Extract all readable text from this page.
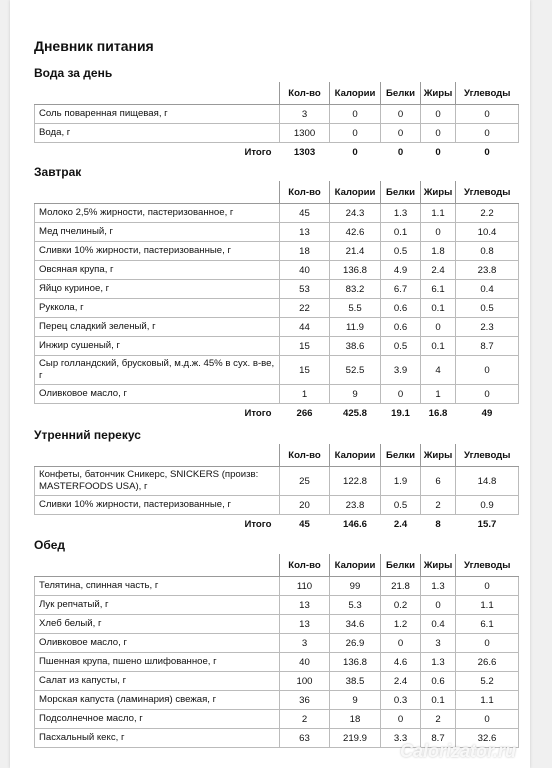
Дневник питания
Вода за день
	Кол-во	Калории	Белки	Жиры	Углеводы
Соль поваренная пищевая, г	3	0	0	0	0
Вода, г	1300	0	0	0	0
Итого	1303	0	0	0	0
Завтрак
	Кол-во	Калории	Белки	Жиры	Углеводы
Молоко 2,5% жирности, пастеризованное, г	45	24.3	1.3	1.1	2.2
Мед пчелиный, г	13	42.6	0.1	0	10.4
Сливки 10% жирности, пастеризованные, г	18	21.4	0.5	1.8	0.8
Овсяная крупа, г	40	136.8	4.9	2.4	23.8
Яйцо куриное, г	53	83.2	6.7	6.1	0.4
Руккола, г	22	5.5	0.6	0.1	0.5
Перец сладкий зеленый, г	44	11.9	0.6	0	2.3
Инжир сушеный, г	15	38.6	0.5	0.1	8.7
Сыр голландский, брусковый, м.д.ж. 45% в сух. в-ве, г	15	52.5	3.9	4	0
Оливковое масло, г	1	9	0	1	0
Итого	266	425.8	19.1	16.8	49
Утренний перекус
	Кол-во	Калории	Белки	Жиры	Углеводы
Конфеты, батончик Сникерс, SNICKERS (произв: MASTERFOODS USA), г	25	122.8	1.9	6	14.8
Сливки 10% жирности, пастеризованные, г	20	23.8	0.5	2	0.9
Итого	45	146.6	2.4	8	15.7
Обед
	Кол-во	Калории	Белки	Жиры	Углеводы
Телятина, спинная часть, г	110	99	21.8	1.3	0
Лук репчатый, г	13	5.3	0.2	0	1.1
Хлеб белый, г	13	34.6	1.2	0.4	6.1
Оливковое масло, г	3	26.9	0	3	0
Пшенная крупа, пшено шлифованное, г	40	136.8	4.6	1.3	26.6
Салат из капусты, г	100	38.5	2.4	0.6	5.2
Морская капуста (ламинария) свежая, г	36	9	0.3	0.1	1.1
Подсолнечное масло, г	2	18	0	2	0
Пасхальный кекс, г	63	219.9	3.3	8.7	32.6
Calorizator.ru
